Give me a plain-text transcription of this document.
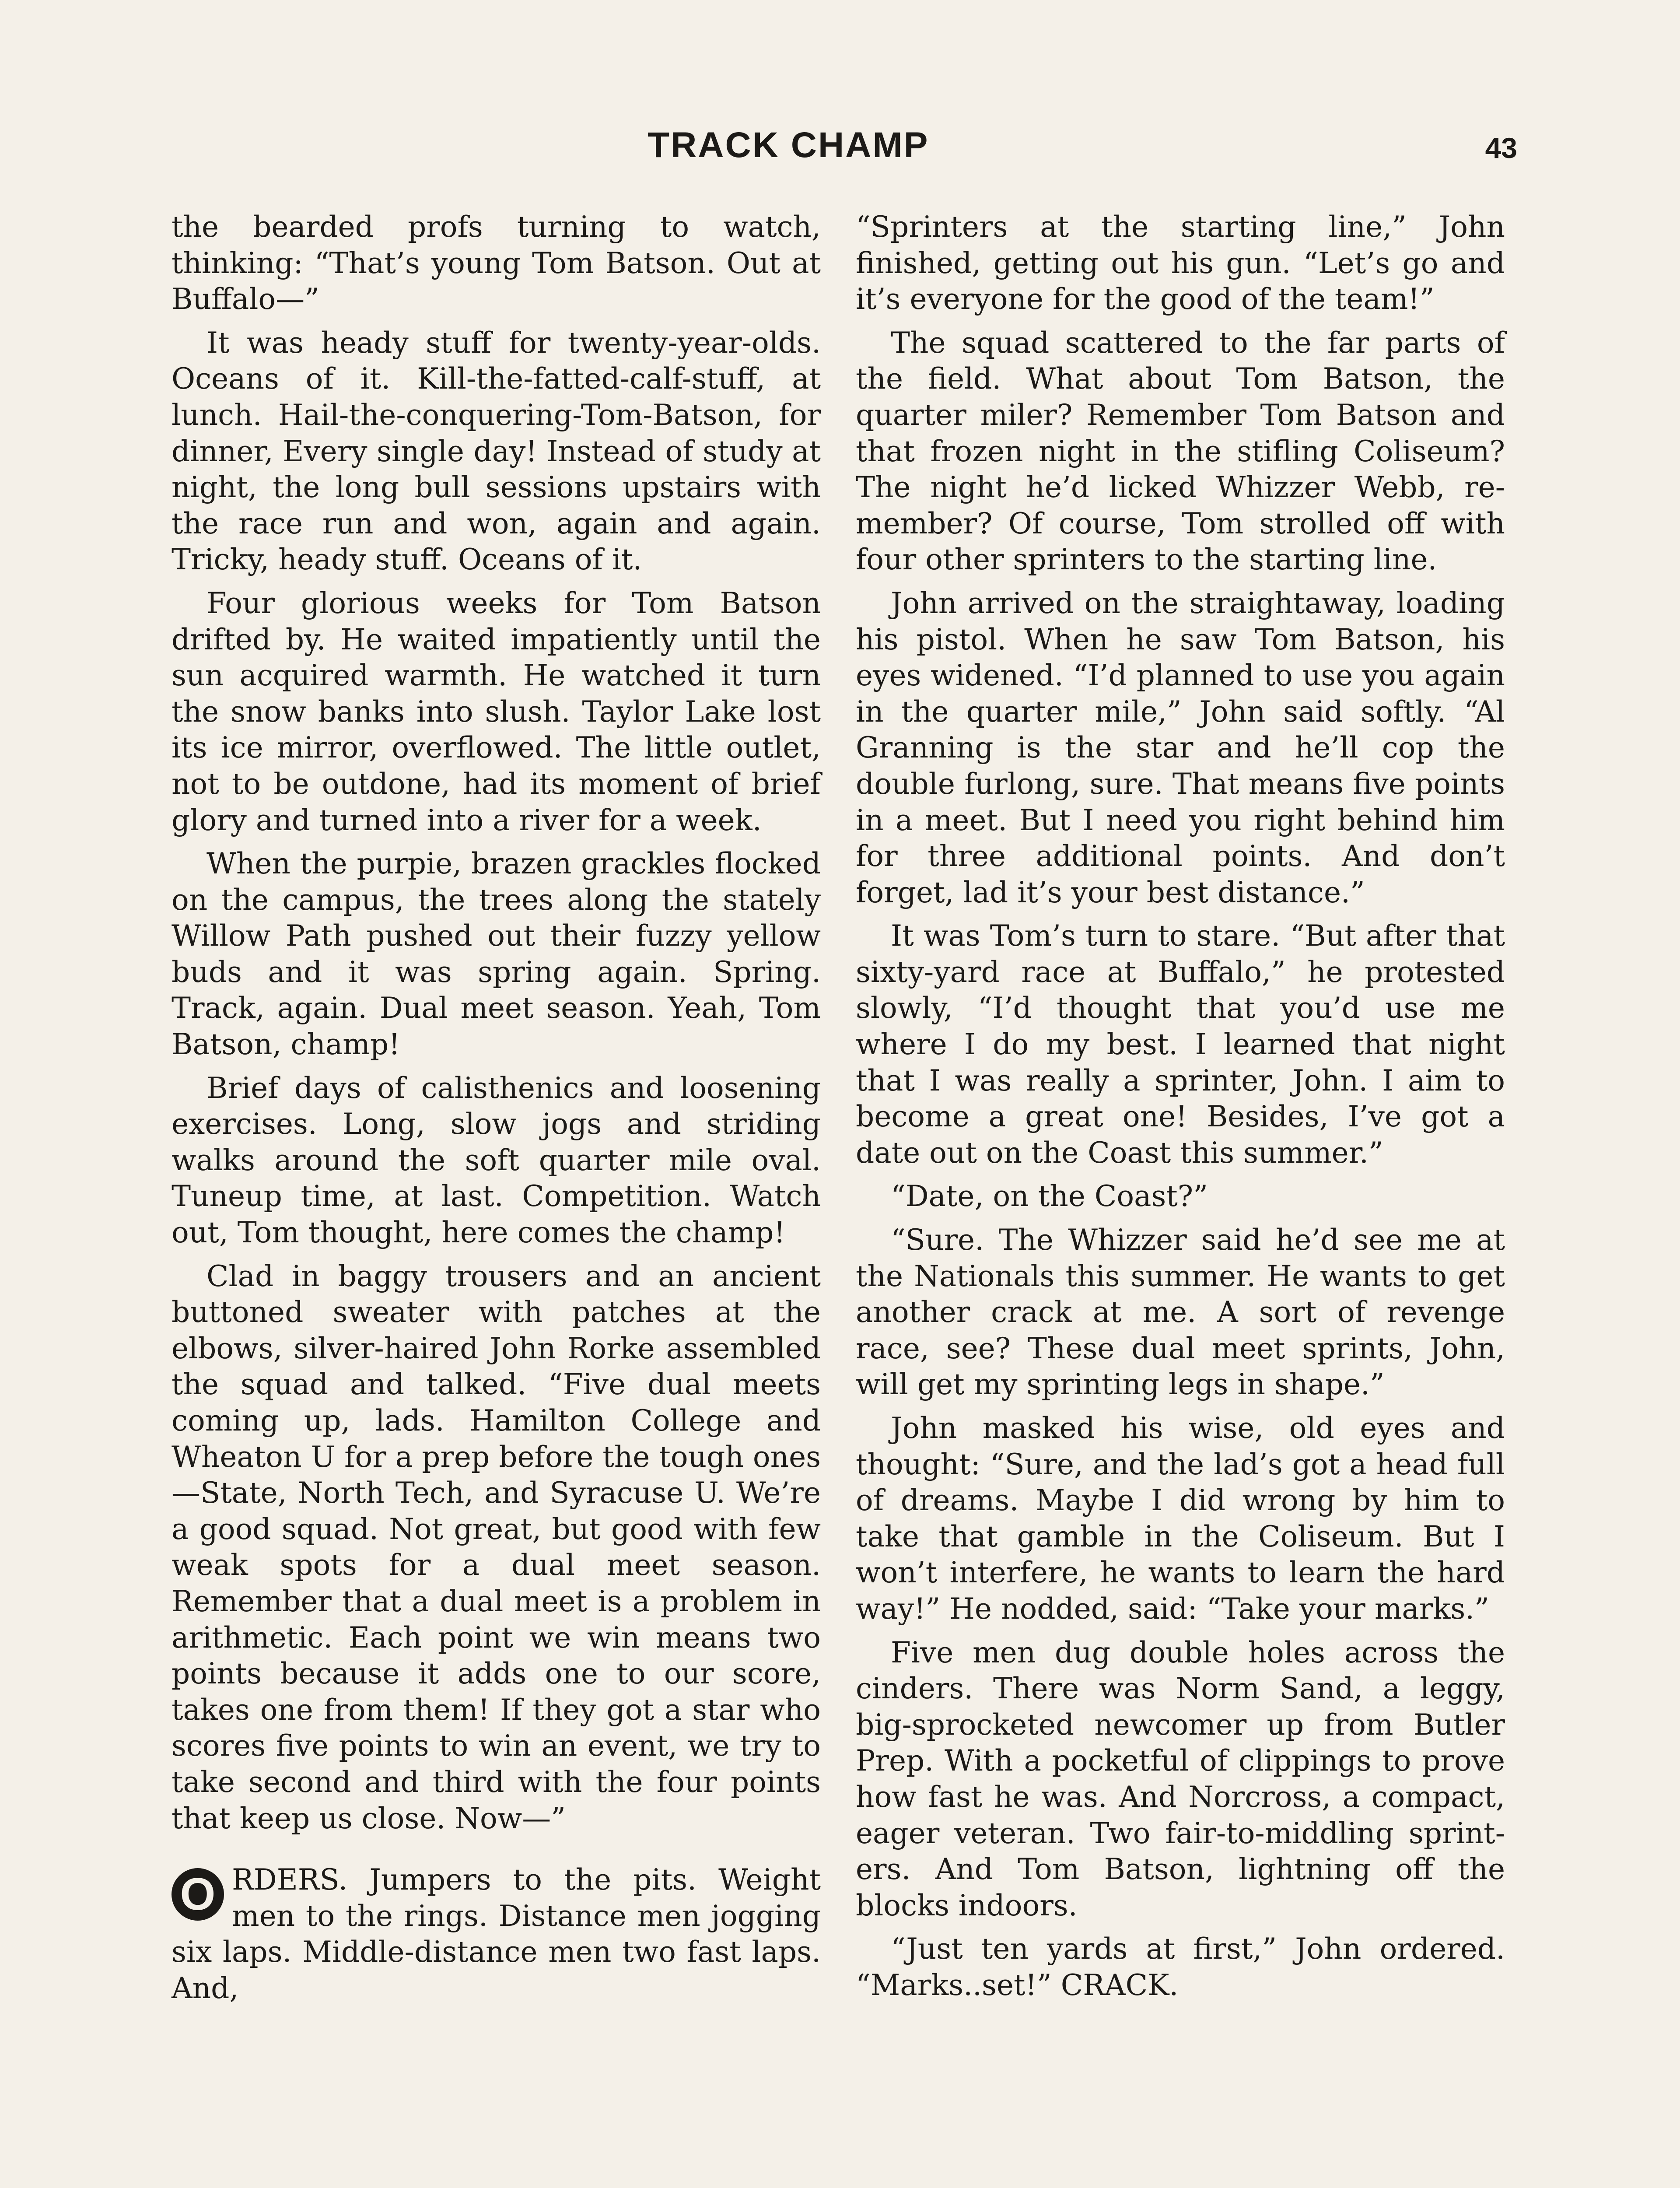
TRACK CHAMP	43

the bearded profs turning to watch, thinking: “That’s young Tom Batson. Out at Buffalo—”

It was heady stuff for twenty-year-olds. Oceans of it. Kill-the-fatted-calf-stuff, at lunch. Hail-the-conquering-Tom-Batson, for dinner, Every single day! Instead of study at night, the long bull sessions upstairs with the race run and won, again and again. Tricky, heady stuff. Oceans of it.

Four glorious weeks for Tom Batson drifted by. He waited impatiently until the sun acquired warmth. He watched it turn the snow banks into slush. Taylor Lake lost its ice mirror, overflowed. The little outlet, not to be outdone, had its moment of brief glory and turned into a river for a week.

When the purpie, brazen grackles flocked on the campus, the trees along the stately Willow Path pushed out their fuzzy yellow buds and it was spring again. Spring. Track, again. Dual meet season. Yeah, Tom Batson, champ!

Brief days of calisthenics and loosening exercises. Long, slow jogs and striding walks around the soft quarter mile oval. Tuneup time, at last. Competition. Watch out, Tom thought, here comes the champ!

Clad in baggy trousers and an ancient buttoned sweater with patches at the elbows, silver-haired John Rorke assembled the squad and talked. “Five dual meets coming up, lads. Hamilton College and Wheaton U for a prep before the tough ones—State, North Tech, and Syracuse U. We’re a good squad. Not great, but good with few weak spots for a dual meet season. Remember that a dual meet is a problem in arithmetic. Each point we win means two points because it adds one to our score, takes one from them! If they got a star who scores five points to win an event, we try to take second and third with the four points that keep us close. Now—”

O RDERS. Jumpers to the pits. Weight men to the rings. Distance men jogging six laps. Middle-distance men two fast laps. And,

“Sprinters at the starting line,” John finished, getting out his gun. “Let’s go and it’s everyone for the good of the team!”

The squad scattered to the far parts of the field. What about Tom Batson, the quarter miler? Remember Tom Batson and that frozen night in the stifling Coliseum? The night he’d licked Whizzer Webb, remember? Of course, Tom strolled off with four other sprinters to the starting line.

John arrived on the straightaway, loading his pistol. When he saw Tom Batson, his eyes widened. “I’d planned to use you again in the quarter mile,” John said softly. “Al Granning is the star and he’ll cop the double furlong, sure. That means five points in a meet. But I need you right behind him for three additional points. And don’t forget, lad it’s your best distance.”

It was Tom’s turn to stare. “But after that sixty-yard race at Buffalo,” he protested slowly, “I’d thought that you’d use me where I do my best. I learned that night that I was really a sprinter, John. I aim to become a great one! Besides, I’ve got a date out on the Coast this summer.”

“Date, on the Coast?”

“Sure. The Whizzer said he’d see me at the Nationals this summer. He wants to get another crack at me. A sort of revenge race, see? These dual meet sprints, John, will get my sprinting legs in shape.”

John masked his wise, old eyes and thought: “Sure, and the lad’s got a head full of dreams. Maybe I did wrong by him to take that gamble in the Coliseum. But I won’t interfere, he wants to learn the hard way!” He nodded, said: “Take your marks.”

Five men dug double holes across the cinders. There was Norm Sand, a leggy, big-sprocketed newcomer up from Butler Prep. With a pocketful of clippings to prove how fast he was. And Norcross, a compact, eager veteran. Two fair-to-middling sprinters. And Tom Batson, lightning off the blocks indoors.

“Just ten yards at first,” John ordered. “Marks..set!” CRACK.
